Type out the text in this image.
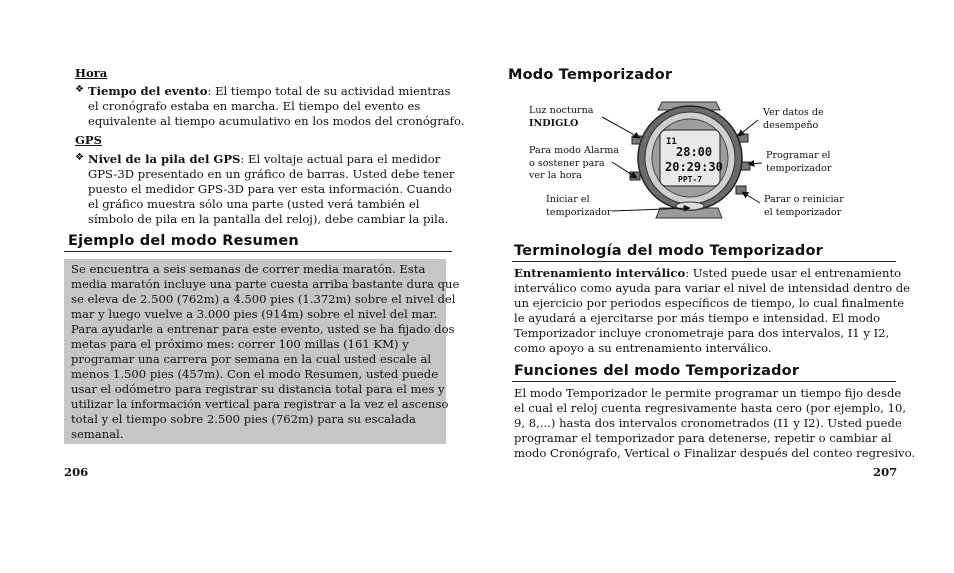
Hora
❖ Tiempo del evento: El tiempo total de su actividad mientras
el cronógrafo estaba en marcha. El tiempo del evento es
equivalente al tiempo acumulativo en los modos del cronógrafo.
GPS
❖ Nivel de la pila del GPS: El voltaje actual para el medidor
GPS-3D presentado en un gráfico de barras. Usted debe tener
puesto el medidor GPS-3D para ver esta información. Cuando
el gráfico muestra sólo una parte (usted verá también el
símbolo de pila en la pantalla del reloj), debe cambiar la pila.
Ejemplo del modo Resumen
Se encuentra a seis semanas de correr media maratón. Esta
media maratón incluye una parte cuesta arriba bastante dura que
se eleva de 2.500 (762m) a 4.500 pies (1.372m) sobre el nivel del
mar y luego vuelve a 3.000 pies (914m) sobre el nivel del mar.
Para ayudarle a entrenar para este evento, usted se ha fijado dos
metas para el próximo mes: correr 100 millas (161 KM) y
programar una carrera por semana en la cual usted escale al
menos 1.500 pies (457m). Con el modo Resumen, usted puede
usar el odómetro para registrar su distancia total para el mes y
utilizar la información vertical para registrar a la vez el ascenso
total y el tiempo sobre 2.500 pies (762m) para su escalada
semanal.
206
Modo Temporizador
I1
28:00
20:29:30
PPT-7
Luz nocturna
INDIGLO
Para modo Alarma
o sostener para
ver la hora
Iniciar el
temporizador
Ver datos de
desempeño
Programar el
temporizador
Parar o reiniciar
el temporizador
Terminología del modo Temporizador
Entrenamiento interválico: Usted puede usar el entrenamiento
interválico como ayuda para variar el nivel de intensidad dentro de
un ejercicio por periodos específicos de tiempo, lo cual finalmente
le ayudará a ejercitarse por más tiempo e intensidad. El modo
Temporizador incluye cronometraje para dos intervalos, I1 y I2,
como apoyo a su entrenamiento interválico.
Funciones del modo Temporizador
El modo Temporizador le permite programar un tiempo fijo desde
el cual el reloj cuenta regresivamente hasta cero (por ejemplo, 10,
9, 8,...) hasta dos intervalos cronometrados (I1 y I2). Usted puede
programar el temporizador para detenerse, repetir o cambiar al
modo Cronógrafo, Vertical o Finalizar después del conteo regresivo.
207
